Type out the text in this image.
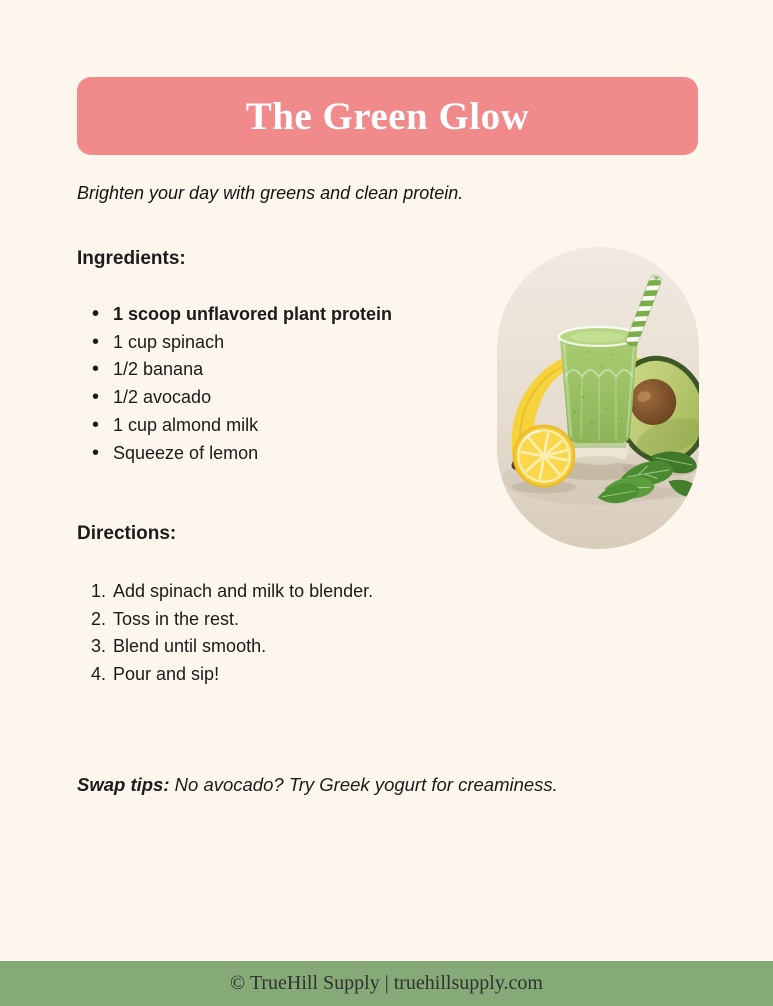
The Green Glow
Brighten your day with greens and clean protein.
Ingredients:
• 1 scoop unflavored plant protein
• 1 cup spinach
• 1/2 banana
• 1/2 avocado
• 1 cup almond milk
• Squeeze of lemon
Directions:
Add spinach and milk to blender.
Toss in the rest.
Blend until smooth.
Pour and sip!
Swap tips: No avocado? Try Greek yogurt for creaminess.
© TrueHill Supply | truehillsupply.com
